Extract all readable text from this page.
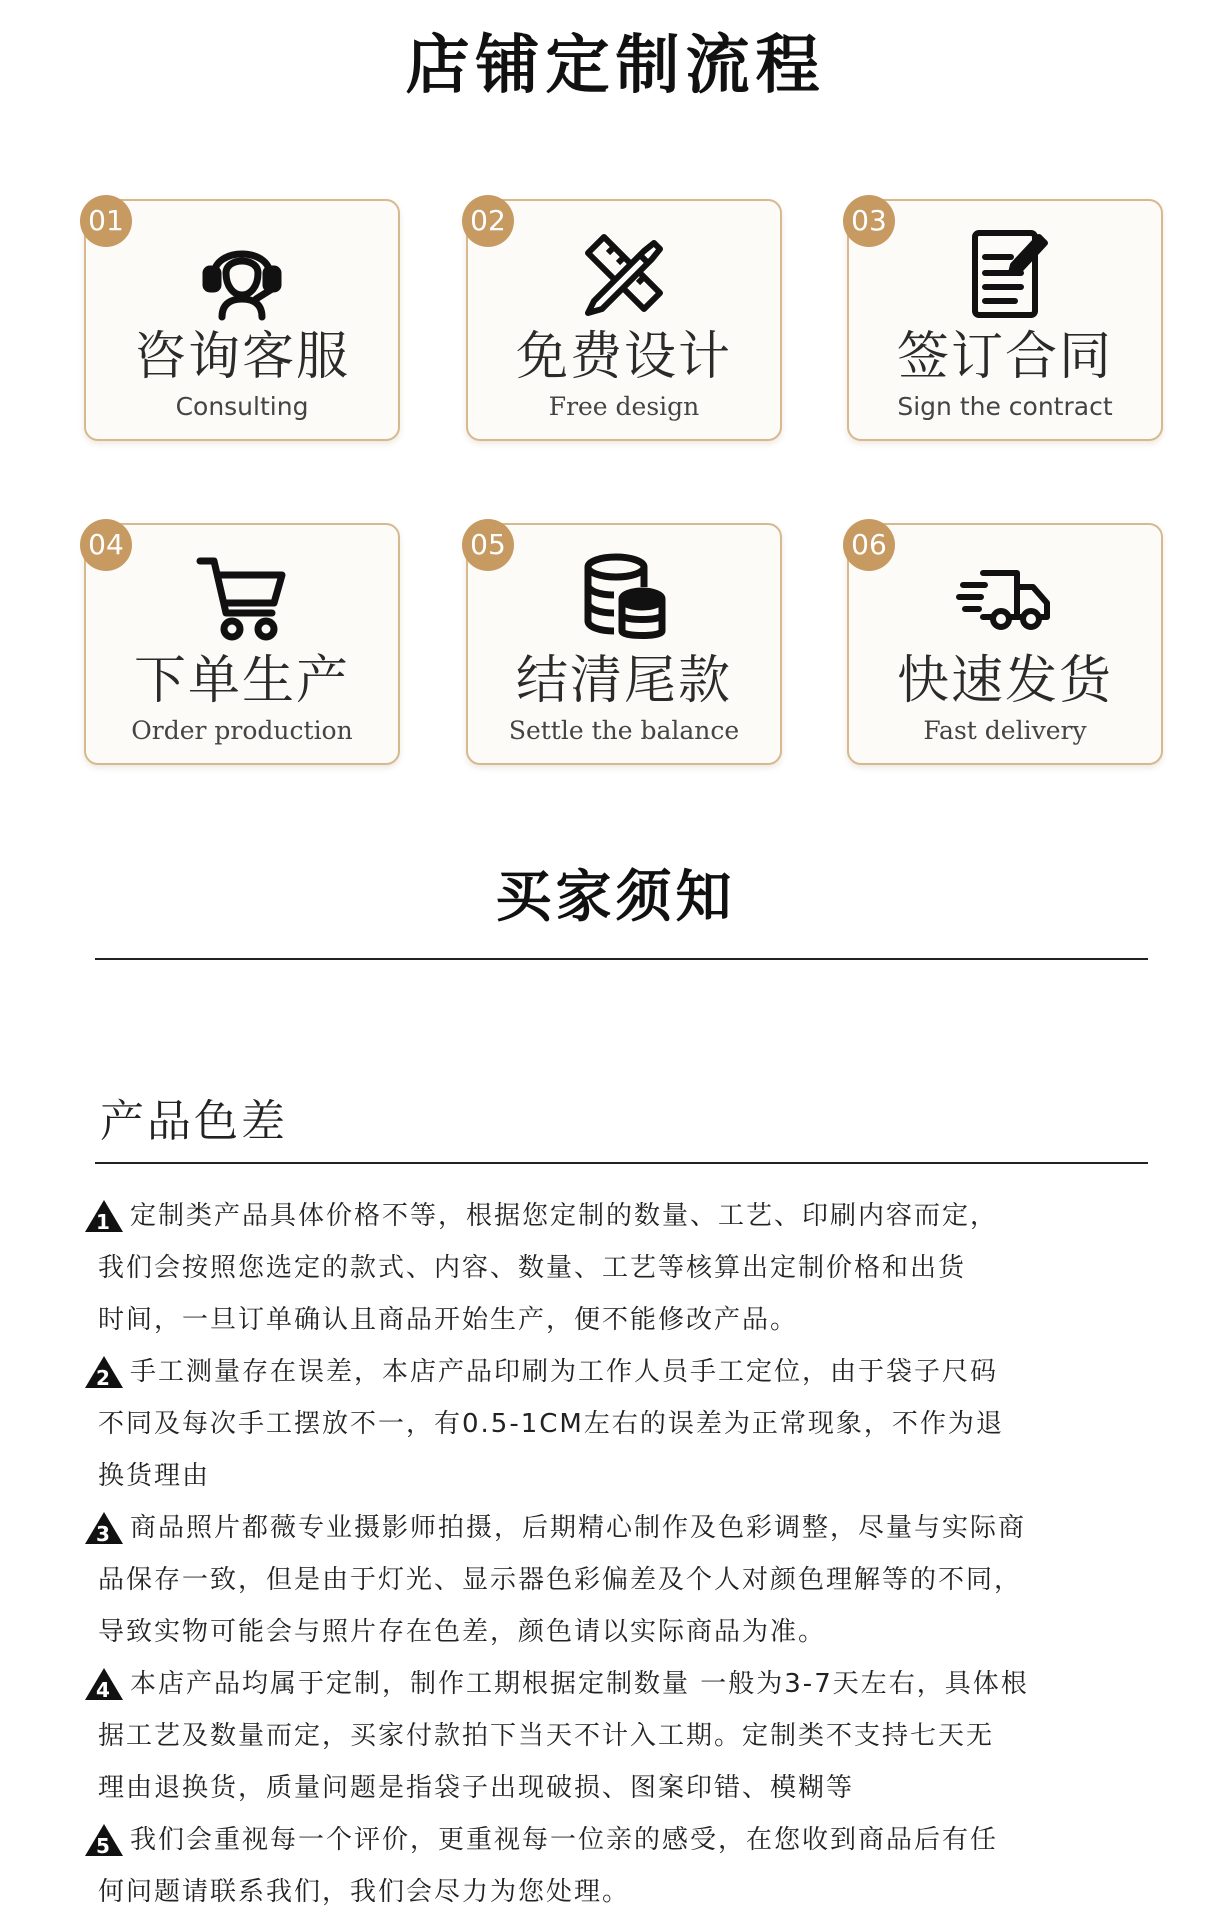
店铺定制流程
01
咨询客服
Consulting
02
免费设计
Free design
03
签订合同
Sign the contract
04
下单生产
Order production
05
结清尾款
Settle the balance
06
快速发货
Fast delivery
买家须知
产品色差
1 定制类产品具体价格不等，根据您定制的数量、工艺、印刷内容而定，
我们会按照您选定的款式、内容、数量、工艺等核算出定制价格和出货
时间，一旦订单确认且商品开始生产，便不能修改产品。
2 手工测量存在误差，本店产品印刷为工作人员手工定位，由于袋子尺码
不同及每次手工摆放不一，有0.5-1CM左右的误差为正常现象，不作为退
换货理由
3 商品照片都薇专业摄影师拍摄，后期精心制作及色彩调整，尽量与实际商
品保存一致，但是由于灯光、显示器色彩偏差及个人对颜色理解等的不同，
导致实物可能会与照片存在色差，颜色请以实际商品为准。
4 本店产品均属于定制，制作工期根据定制数量 一般为3-7天左右，具体根
据工艺及数量而定，买家付款拍下当天不计入工期。定制类不支持七天无
理由退换货，质量问题是指袋子出现破损、图案印错、模糊等
5 我们会重视每一个评价，更重视每一位亲的感受，在您收到商品后有任
何问题请联系我们，我们会尽力为您处理。
